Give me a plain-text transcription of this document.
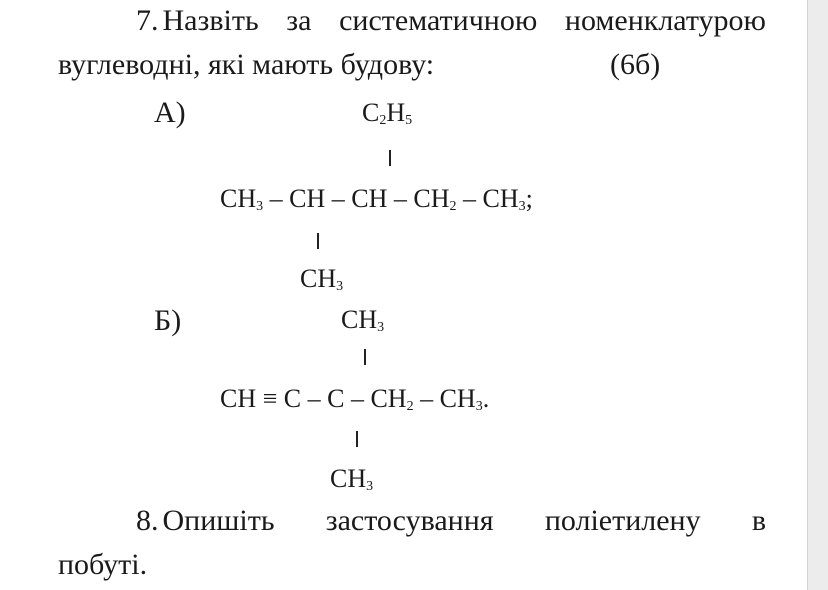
7. Назвіть за систематичною номенклатурою
вуглеводні, які мають будову:	(6б)
А)	$C_2H_5$
$CH_3$ – CH – CH – $CH_2 - CH_3$;
$CH_3$
Б)	$CH_3$
CH ≡ C – C – $CH_2 - CH_3$.
$CH_3$
8. Опишіть застосування поліетилену в
побуті.
